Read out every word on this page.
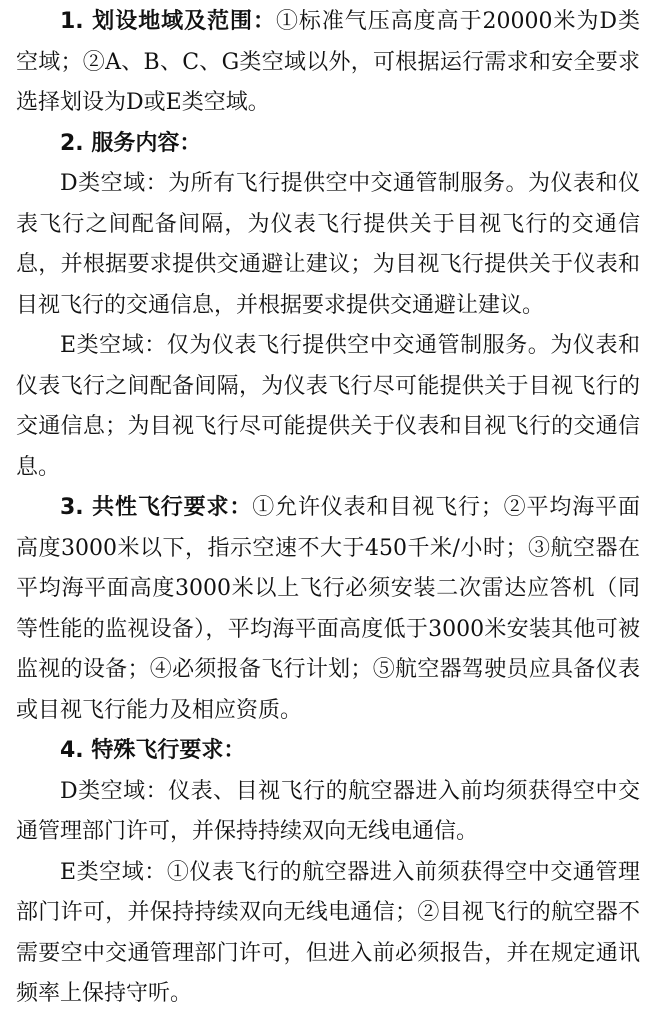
1. 划设地域及范围：①标准气压高度高于20000米为D类空域；②A、B、C、G类空域以外，可根据运行需求和安全要求选择划设为D或E类空域。

2. 服务内容：

D类空域：为所有飞行提供空中交通管制服务。为仪表和仪表飞行之间配备间隔，为仪表飞行提供关于目视飞行的交通信息，并根据要求提供交通避让建议；为目视飞行提供关于仪表和目视飞行的交通信息，并根据要求提供交通避让建议。

E类空域：仅为仪表飞行提供空中交通管制服务。为仪表和仪表飞行之间配备间隔，为仪表飞行尽可能提供关于目视飞行的交通信息；为目视飞行尽可能提供关于仪表和目视飞行的交通信息。

3. 共性飞行要求：①允许仪表和目视飞行；②平均海平面高度3000米以下，指示空速不大于450千米/小时；③航空器在平均海平面高度3000米以上飞行必须安装二次雷达应答机（同等性能的监视设备），平均海平面高度低于3000米安装其他可被监视的设备；④必须报备飞行计划；⑤航空器驾驶员应具备仪表或目视飞行能力及相应资质。

4. 特殊飞行要求：

D类空域：仪表、目视飞行的航空器进入前均须获得空中交通管理部门许可，并保持持续双向无线电通信。

E类空域：①仪表飞行的航空器进入前须获得空中交通管理部门许可，并保持持续双向无线电通信；②目视飞行的航空器不需要空中交通管理部门许可，但进入前必须报告，并在规定通讯频率上保持守听。
